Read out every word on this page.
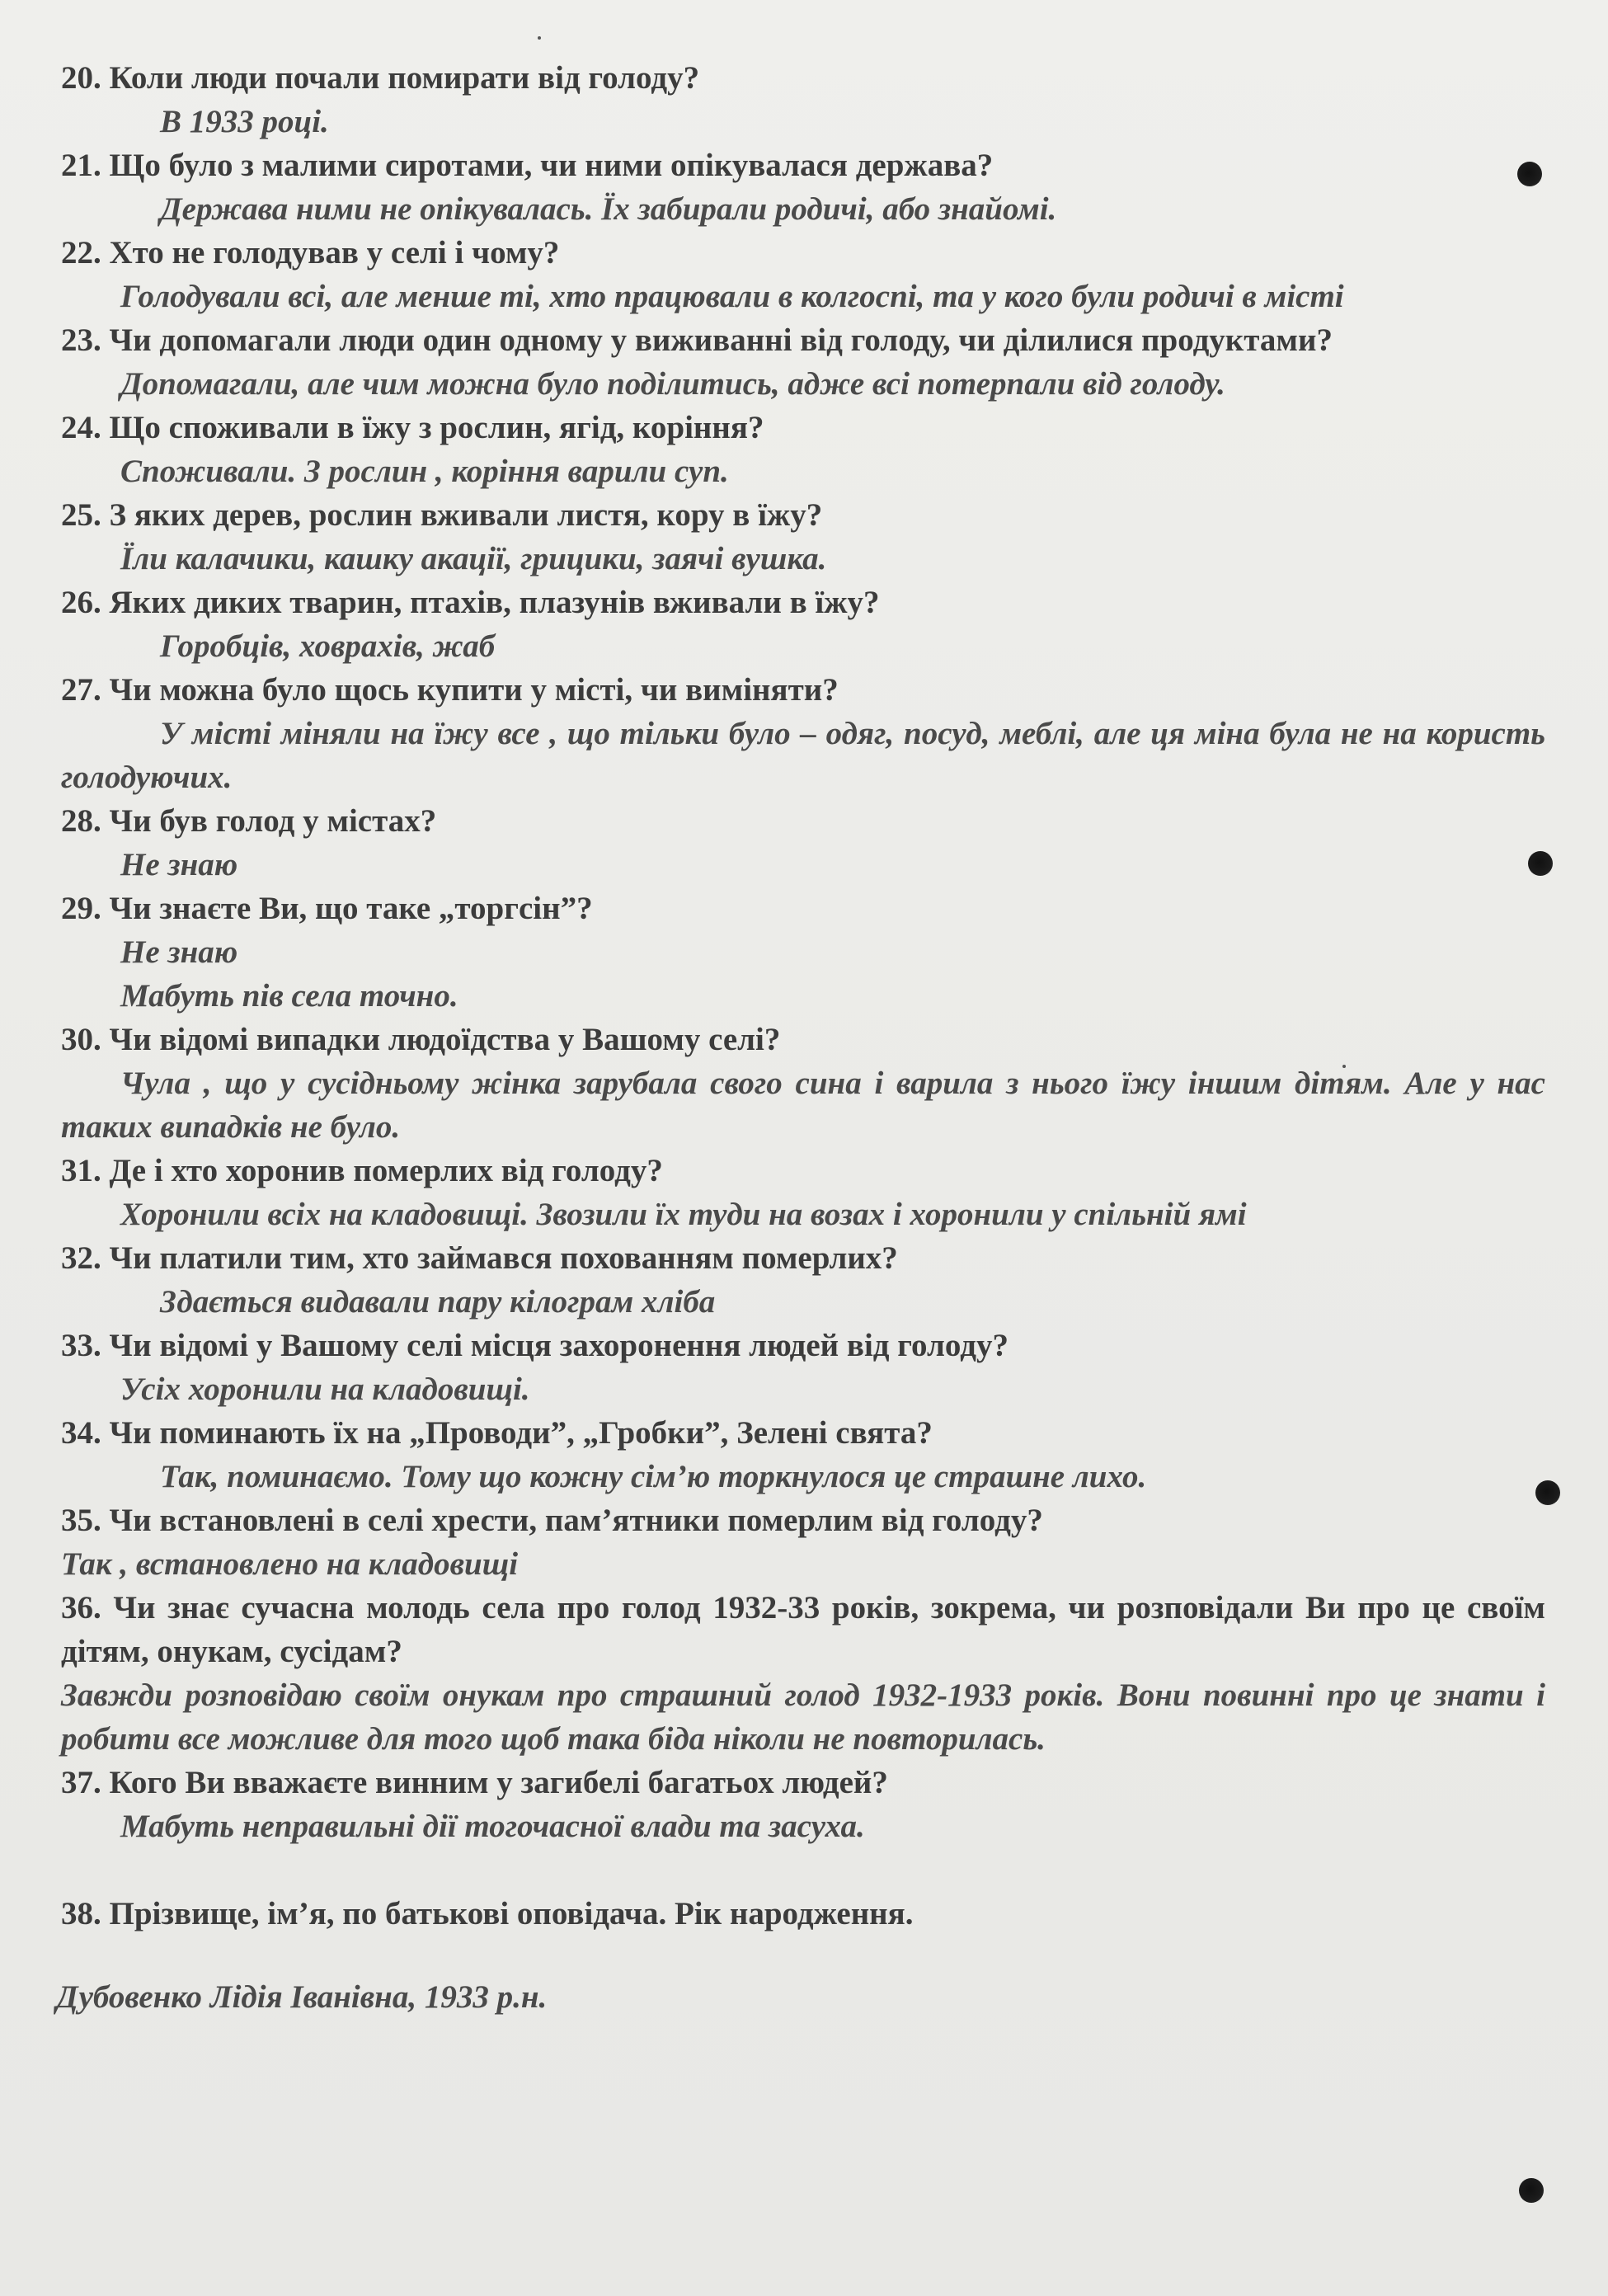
20. Коли люди почали помирати від голоду?
В 1933 році.
21. Що було з малими сиротами, чи ними опікувалася держава?
Держава ними не опікувалась. Їх забирали родичі, або знайомі.
22. Хто не голодував у селі і чому?
Голодували всі, але менше ті, хто працювали в колгоспі, та у кого були родичі в місті
23. Чи допомагали люди один одному у виживанні від голоду, чи ділилися продуктами?
Допомагали, але чим можна було поділитись, адже всі потерпали від голоду.
24. Що споживали в їжу з рослин, ягід, коріння?
Споживали. З рослин , коріння варили суп.
25. З яких дерев, рослин вживали листя, кору в їжу?
Їли калачики, кашку акації, грицики, заячі вушка.
26. Яких диких тварин, птахів, плазунів вживали в їжу?
Горобців, ховрахів, жаб
27. Чи можна було щось купити у місті, чи виміняти?
У місті міняли на їжу все , що тільки було – одяг, посуд, меблі, але ця міна була не на користь голодуючих.
28. Чи був голод у містах?
Не знаю
29. Чи знаєте Ви, що таке „торгсін”?
Не знаю
Мабуть пів села точно.
30. Чи відомі випадки людоїдства у Вашому селі?
Чула , що у сусідньому жінка зарубала свого сина і варила з нього їжу іншим дітям. Але у нас таких випадків не було.
31. Де і хто хоронив померлих від голоду?
Хоронили всіх на кладовищі. Звозили їх туди на возах і хоронили у спільній ямі
32. Чи платили тим, хто займався похованням померлих?
Здається видавали пару кілограм хліба
33. Чи відомі у Вашому селі місця захоронення людей від голоду?
Усіх хоронили на кладовищі.
34. Чи поминають їх на „Проводи”, „Гробки”, Зелені свята?
Так, поминаємо. Тому що кожну сім’ю торкнулося це страшне лихо.
35. Чи встановлені в селі хрести, пам’ятники померлим від голоду?
Так , встановлено на кладовищі
36. Чи знає сучасна молодь села про голод 1932-33 років, зокрема, чи розповідали Ви про це своїм дітям, онукам, сусідам?
Завжди розповідаю своїм онукам про страшний голод 1932-1933 років. Вони повинні про це знати і робити все можливе для того щоб така біда ніколи не повторилась.
37. Кого Ви вважаєте винним у загибелі багатьох людей?
Мабуть неправильні дії тогочасної влади та засуха.
38. Прізвище, ім’я, по батькові оповідача. Рік народження.
Дубовенко Лідія Іванівна, 1933 р.н.
